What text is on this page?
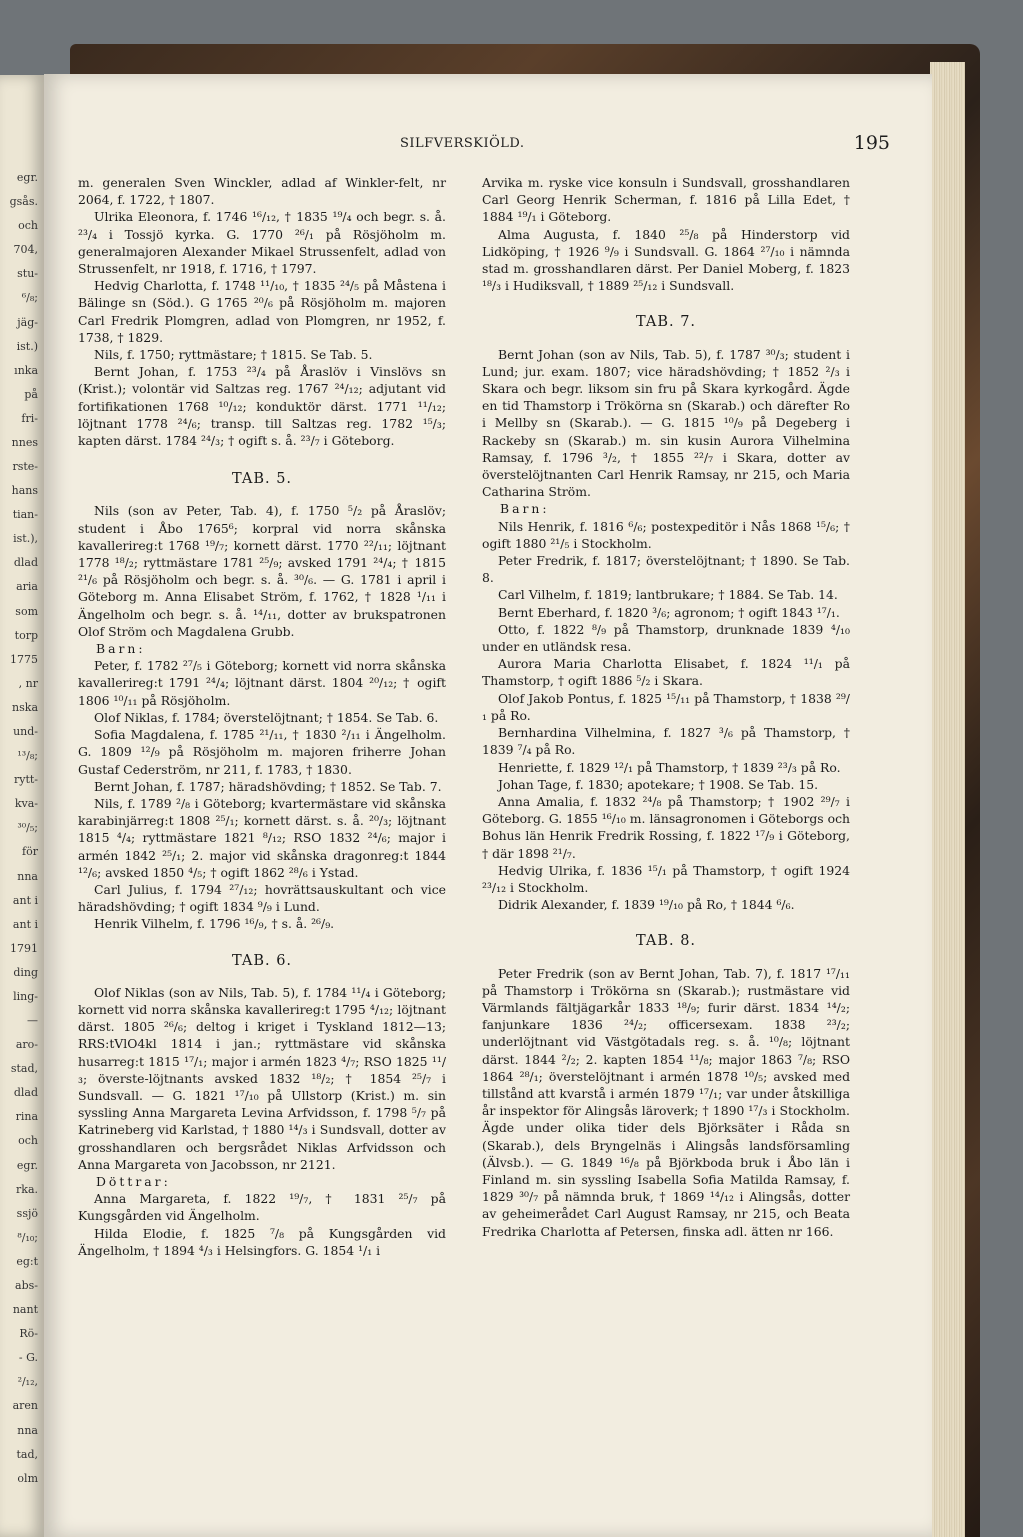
egr.
gsås.
och
704,
stu-
⁶/₈;
jäg-
ist.)
ınka
på
fri-
nnes
rste-
hans
tian-
ist.),
dlad
aria
som
torp
1775
, nr
nska
und-
¹³/₈;
rytt-
kva-
³⁰/₅;
för
nna
ant i
ant i
1791
ding
ling-
—
aro-
stad,
dlad
rina
och
egr.
rka.
ssjö
⁸/₁₀;
eg:t
abs-
nant
Rö-
- G.
²/₁₂,
aren
nna
tad,
olm
SILFVERSKIÖLD.	195

m. generalen Sven Winckler, adlad af Winkler-felt, nr 2064, f. 1722, † 1807.

Ulrika Eleonora, f. 1746 ¹⁶/₁₂, † 1835 ¹⁹/₄ och begr. s. å. ²³/₄ i Tossjö kyrka. G. 1770 ²⁶/₁ på Rösjöholm m. generalmajoren Alexander Mikael Strussenfelt, adlad von Strussenfelt, nr 1918, f. 1716, † 1797.

Hedvig Charlotta, f. 1748 ¹¹/₁₀, † 1835 ²⁴/₅ på Måstena i Bälinge sn (Söd.). G 1765 ²⁰/₆ på Rösjöholm m. majoren Carl Fredrik Plomgren, adlad von Plomgren, nr 1952, f. 1738, † 1829.

Nils, f. 1750; ryttmästare; † 1815. Se Tab. 5.

Bernt Johan, f. 1753 ²³/₄ på Åraslöv i Vinslövs sn (Krist.); volontär vid Saltzas reg. 1767 ²⁴/₁₂; adjutant vid fortifikationen 1768 ¹⁰/₁₂; konduktör därst. 1771 ¹¹/₁₂; löjtnant 1778 ²⁴/₆; transp. till Saltzas reg. 1782 ¹⁵/₃; kapten därst. 1784 ²⁴/₃; † ogift s. å. ²³/₇ i Göteborg.

TAB. 5.

Nils (son av Peter, Tab. 4), f. 1750 ⁵/₂ på Åraslöv; student i Åbo 1765⁶; korpral vid norra skånska kavallerireg:t 1768 ¹⁹/₇; kornett därst. 1770 ²²/₁₁; löjtnant 1778 ¹⁸/₂; ryttmästare 1781 ²⁵/₉; avsked 1791 ²⁴/₄; † 1815 ²¹/₆ på Rösjöholm och begr. s. å. ³⁰/₆. — G. 1781 i april i Göteborg m. Anna Elisabet Ström, f. 1762, † 1828 ¹/₁₁ i Ängelholm och begr. s. å. ¹⁴/₁₁, dotter av brukspatronen Olof Ström och Magdalena Grubb.

Barn:

Peter, f. 1782 ²⁷/₅ i Göteborg; kornett vid norra skånska kavallerireg:t 1791 ²⁴/₄; löjtnant därst. 1804 ²⁰/₁₂; † ogift 1806 ¹⁰/₁₁ på Rösjöholm.

Olof Niklas, f. 1784; överstelöjtnant; † 1854. Se Tab. 6.

Sofia Magdalena, f. 1785 ²¹/₁₁, † 1830 ²/₁₁ i Ängelholm. G. 1809 ¹²/₉ på Rösjöholm m. majoren friherre Johan Gustaf Cederström, nr 211, f. 1783, † 1830.

Bernt Johan, f. 1787; häradshövding; † 1852. Se Tab. 7.

Nils, f. 1789 ²/₈ i Göteborg; kvartermästare vid skånska karabinjärreg:t 1808 ²⁵/₁; kornett därst. s. å. ²⁰/₃; löjtnant 1815 ⁴/₄; ryttmästare 1821 ⁸/₁₂; RSO 1832 ²⁴/₆; major i armén 1842 ²⁵/₁; 2. major vid skånska dragonreg:t 1844 ¹²/₆; avsked 1850 ⁴/₅; † ogift 1862 ²⁸/₆ i Ystad.

Carl Julius, f. 1794 ²⁷/₁₂; hovrättsauskultant och vice häradshövding; † ogift 1834 ⁹/₉ i Lund.

Henrik Vilhelm, f. 1796 ¹⁶/₉, † s. å. ²⁶/₉.

TAB. 6.

Olof Niklas (son av Nils, Tab. 5), f. 1784 ¹¹/₄ i Göteborg; kornett vid norra skånska kavallerireg:t 1795 ⁴/₁₂; löjtnant därst. 1805 ²⁶/₆; deltog i kriget i Tyskland 1812—13; RRS:tVlO4kl 1814 i jan.; ryttmästare vid skånska husarreg:t 1815 ¹⁷/₁; major i armén 1823 ⁴/₇; RSO 1825 ¹¹/₃; överste-löjtnants avsked 1832 ¹⁸/₂; † 1854 ²⁵/₇ i Sundsvall. — G. 1821 ¹⁷/₁₀ på Ullstorp (Krist.) m. sin syssling Anna Margareta Levina Arfvidsson, f. 1798 ⁵/₇ på Katrineberg vid Karlstad, † 1880 ¹⁴/₃ i Sundsvall, dotter av grosshandlaren och bergsrådet Niklas Arfvidsson och Anna Margareta von Jacobsson, nr 2121.

Döttrar:

Anna Margareta, f. 1822 ¹⁹/₇, † 1831 ²⁵/₇ på Kungsgården vid Ängelholm.

Hilda Elodie, f. 1825 ⁷/₈ på Kungsgården vid Ängelholm, † 1894 ⁴/₃ i Helsingfors. G. 1854 ¹/₁ i

Arvika m. ryske vice konsuln i Sundsvall, grosshandlaren Carl Georg Henrik Scherman, f. 1816 på Lilla Edet, † 1884 ¹⁹/₁ i Göteborg.

Alma Augusta, f. 1840 ²⁵/₈ på Hinderstorp vid Lidköping, † 1926 ⁹/₉ i Sundsvall. G. 1864 ²⁷/₁₀ i nämnda stad m. grosshandlaren därst. Per Daniel Moberg, f. 1823 ¹⁸/₃ i Hudiksvall, † 1889 ²⁵/₁₂ i Sundsvall.

TAB. 7.

Bernt Johan (son av Nils, Tab. 5), f. 1787 ³⁰/₃; student i Lund; jur. exam. 1807; vice häradshövding; † 1852 ²/₃ i Skara och begr. liksom sin fru på Skara kyrkogård. Ägde en tid Thamstorp i Trökörna sn (Skarab.) och därefter Ro i Mellby sn (Skarab.). — G. 1815 ¹⁰/₉ på Degeberg i Rackeby sn (Skarab.) m. sin kusin Aurora Vilhelmina Ramsay, f. 1796 ³/₂, † 1855 ²²/₇ i Skara, dotter av överstelöjtnanten Carl Henrik Ramsay, nr 215, och Maria Catharina Ström.

Barn:

Nils Henrik, f. 1816 ⁶/₆; postexpeditör i Nås 1868 ¹⁵/₆; † ogift 1880 ²¹/₅ i Stockholm.

Peter Fredrik, f. 1817; överstelöjtnant; † 1890. Se Tab. 8.

Carl Vilhelm, f. 1819; lantbrukare; † 1884. Se Tab. 14.

Bernt Eberhard, f. 1820 ³/₆; agronom; † ogift 1843 ¹⁷/₁.

Otto, f. 1822 ⁸/₉ på Thamstorp, drunknade 1839 ⁴/₁₀ under en utländsk resa.

Aurora Maria Charlotta Elisabet, f. 1824 ¹¹/₁ på Thamstorp, † ogift 1886 ⁵/₂ i Skara.

Olof Jakob Pontus, f. 1825 ¹⁵/₁₁ på Thamstorp, † 1838 ²⁹/₁ på Ro.

Bernhardina Vilhelmina, f. 1827 ³/₆ på Thamstorp, † 1839 ⁷/₄ på Ro.

Henriette, f. 1829 ¹²/₁ på Thamstorp, † 1839 ²³/₃ på Ro.

Johan Tage, f. 1830; apotekare; † 1908. Se Tab. 15.

Anna Amalia, f. 1832 ²⁴/₈ på Thamstorp; † 1902 ²⁹/₇ i Göteborg. G. 1855 ¹⁶/₁₀ m. länsagronomen i Göteborgs och Bohus län Henrik Fredrik Rossing, f. 1822 ¹⁷/₉ i Göteborg, † där 1898 ²¹/₇.

Hedvig Ulrika, f. 1836 ¹⁵/₁ på Thamstorp, † ogift 1924 ²³/₁₂ i Stockholm.

Didrik Alexander, f. 1839 ¹⁹/₁₀ på Ro, † 1844 ⁶/₆.

TAB. 8.

Peter Fredrik (son av Bernt Johan, Tab. 7), f. 1817 ¹⁷/₁₁ på Thamstorp i Trökörna sn (Skarab.); rustmästare vid Värmlands fältjägarkår 1833 ¹⁸/₉; furir därst. 1834 ¹⁴/₂; fanjunkare 1836 ²⁴/₂; officersexam. 1838 ²³/₂; underlöjtnant vid Västgötadals reg. s. å. ¹⁰/₈; löjtnant därst. 1844 ²/₂; 2. kapten 1854 ¹¹/₈; major 1863 ⁷/₈; RSO 1864 ²⁸/₁; överstelöjtnant i armén 1878 ¹⁰/₅; avsked med tillstånd att kvarstå i armén 1879 ¹⁷/₁; var under åtskilliga år inspektor för Alingsås läroverk; † 1890 ¹⁷/₃ i Stockholm. Ägde under olika tider dels Björksäter i Råda sn (Skarab.), dels Bryngelnäs i Alingsås landsförsamling (Älvsb.). — G. 1849 ¹⁶/₈ på Björkboda bruk i Åbo län i Finland m. sin syssling Isabella Sofia Matilda Ramsay, f. 1829 ³⁰/₇ på nämnda bruk, † 1869 ¹⁴/₁₂ i Alingsås, dotter av geheimerådet Carl August Ramsay, nr 215, och Beata Fredrika Charlotta af Petersen, finska adl. ätten nr 166.
